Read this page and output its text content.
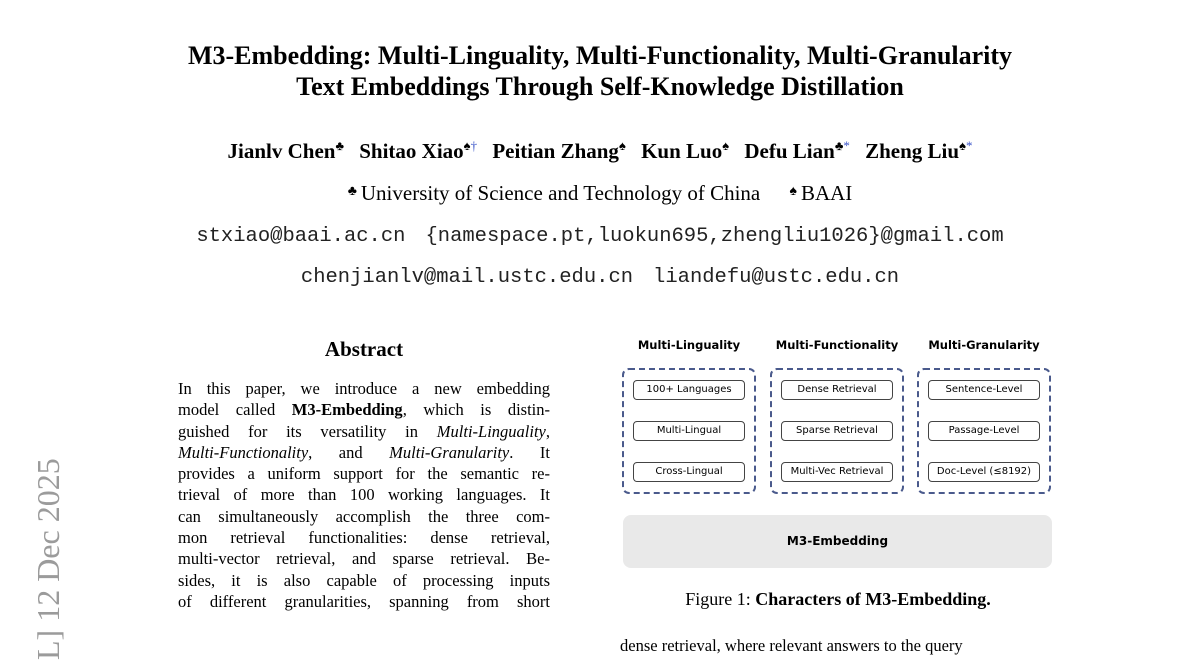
M3-Embedding: Multi-Linguality, Multi-Functionality, Multi-Granularity
Text Embeddings Through Self-Knowledge Distillation
Jianlv Chen♣ Shitao Xiao♠† Peitian Zhang♠ Kun Luo♠ Defu Lian♣* Zheng Liu♠*
♣ University of Science and Technology of China ♠ BAAI
stxiao@baai.ac.cn {namespace.pt,luokun695,zhengliu1026}@gmail.com
chenjianlv@mail.ustc.edu.cn liandefu@ustc.edu.cn
L] 12 Dec 2025
Abstract
In this paper, we introduce a new embedding
model called M3-Embedding, which is distin-
guished for its versatility in Multi-Linguality,
Multi-Functionality, and Multi-Granularity. It
provides a uniform support for the semantic re-
trieval of more than 100 working languages. It
can simultaneously accomplish the three com-
mon retrieval functionalities: dense retrieval,
multi-vector retrieval, and sparse retrieval. Be-
sides, it is also capable of processing inputs
of different granularities, spanning from short
M3-Embedding
Multi-Linguality
100+ Languages
Multi-Lingual
Cross-Lingual
Multi-Functionality
Dense Retrieval
Sparse Retrieval
Multi-Vec Retrieval
Multi-Granularity
Sentence-Level
Passage-Level
Doc-Level (≤8192)
Figure 1: Characters of M3-Embedding.
dense retrieval, where relevant answers to the query
